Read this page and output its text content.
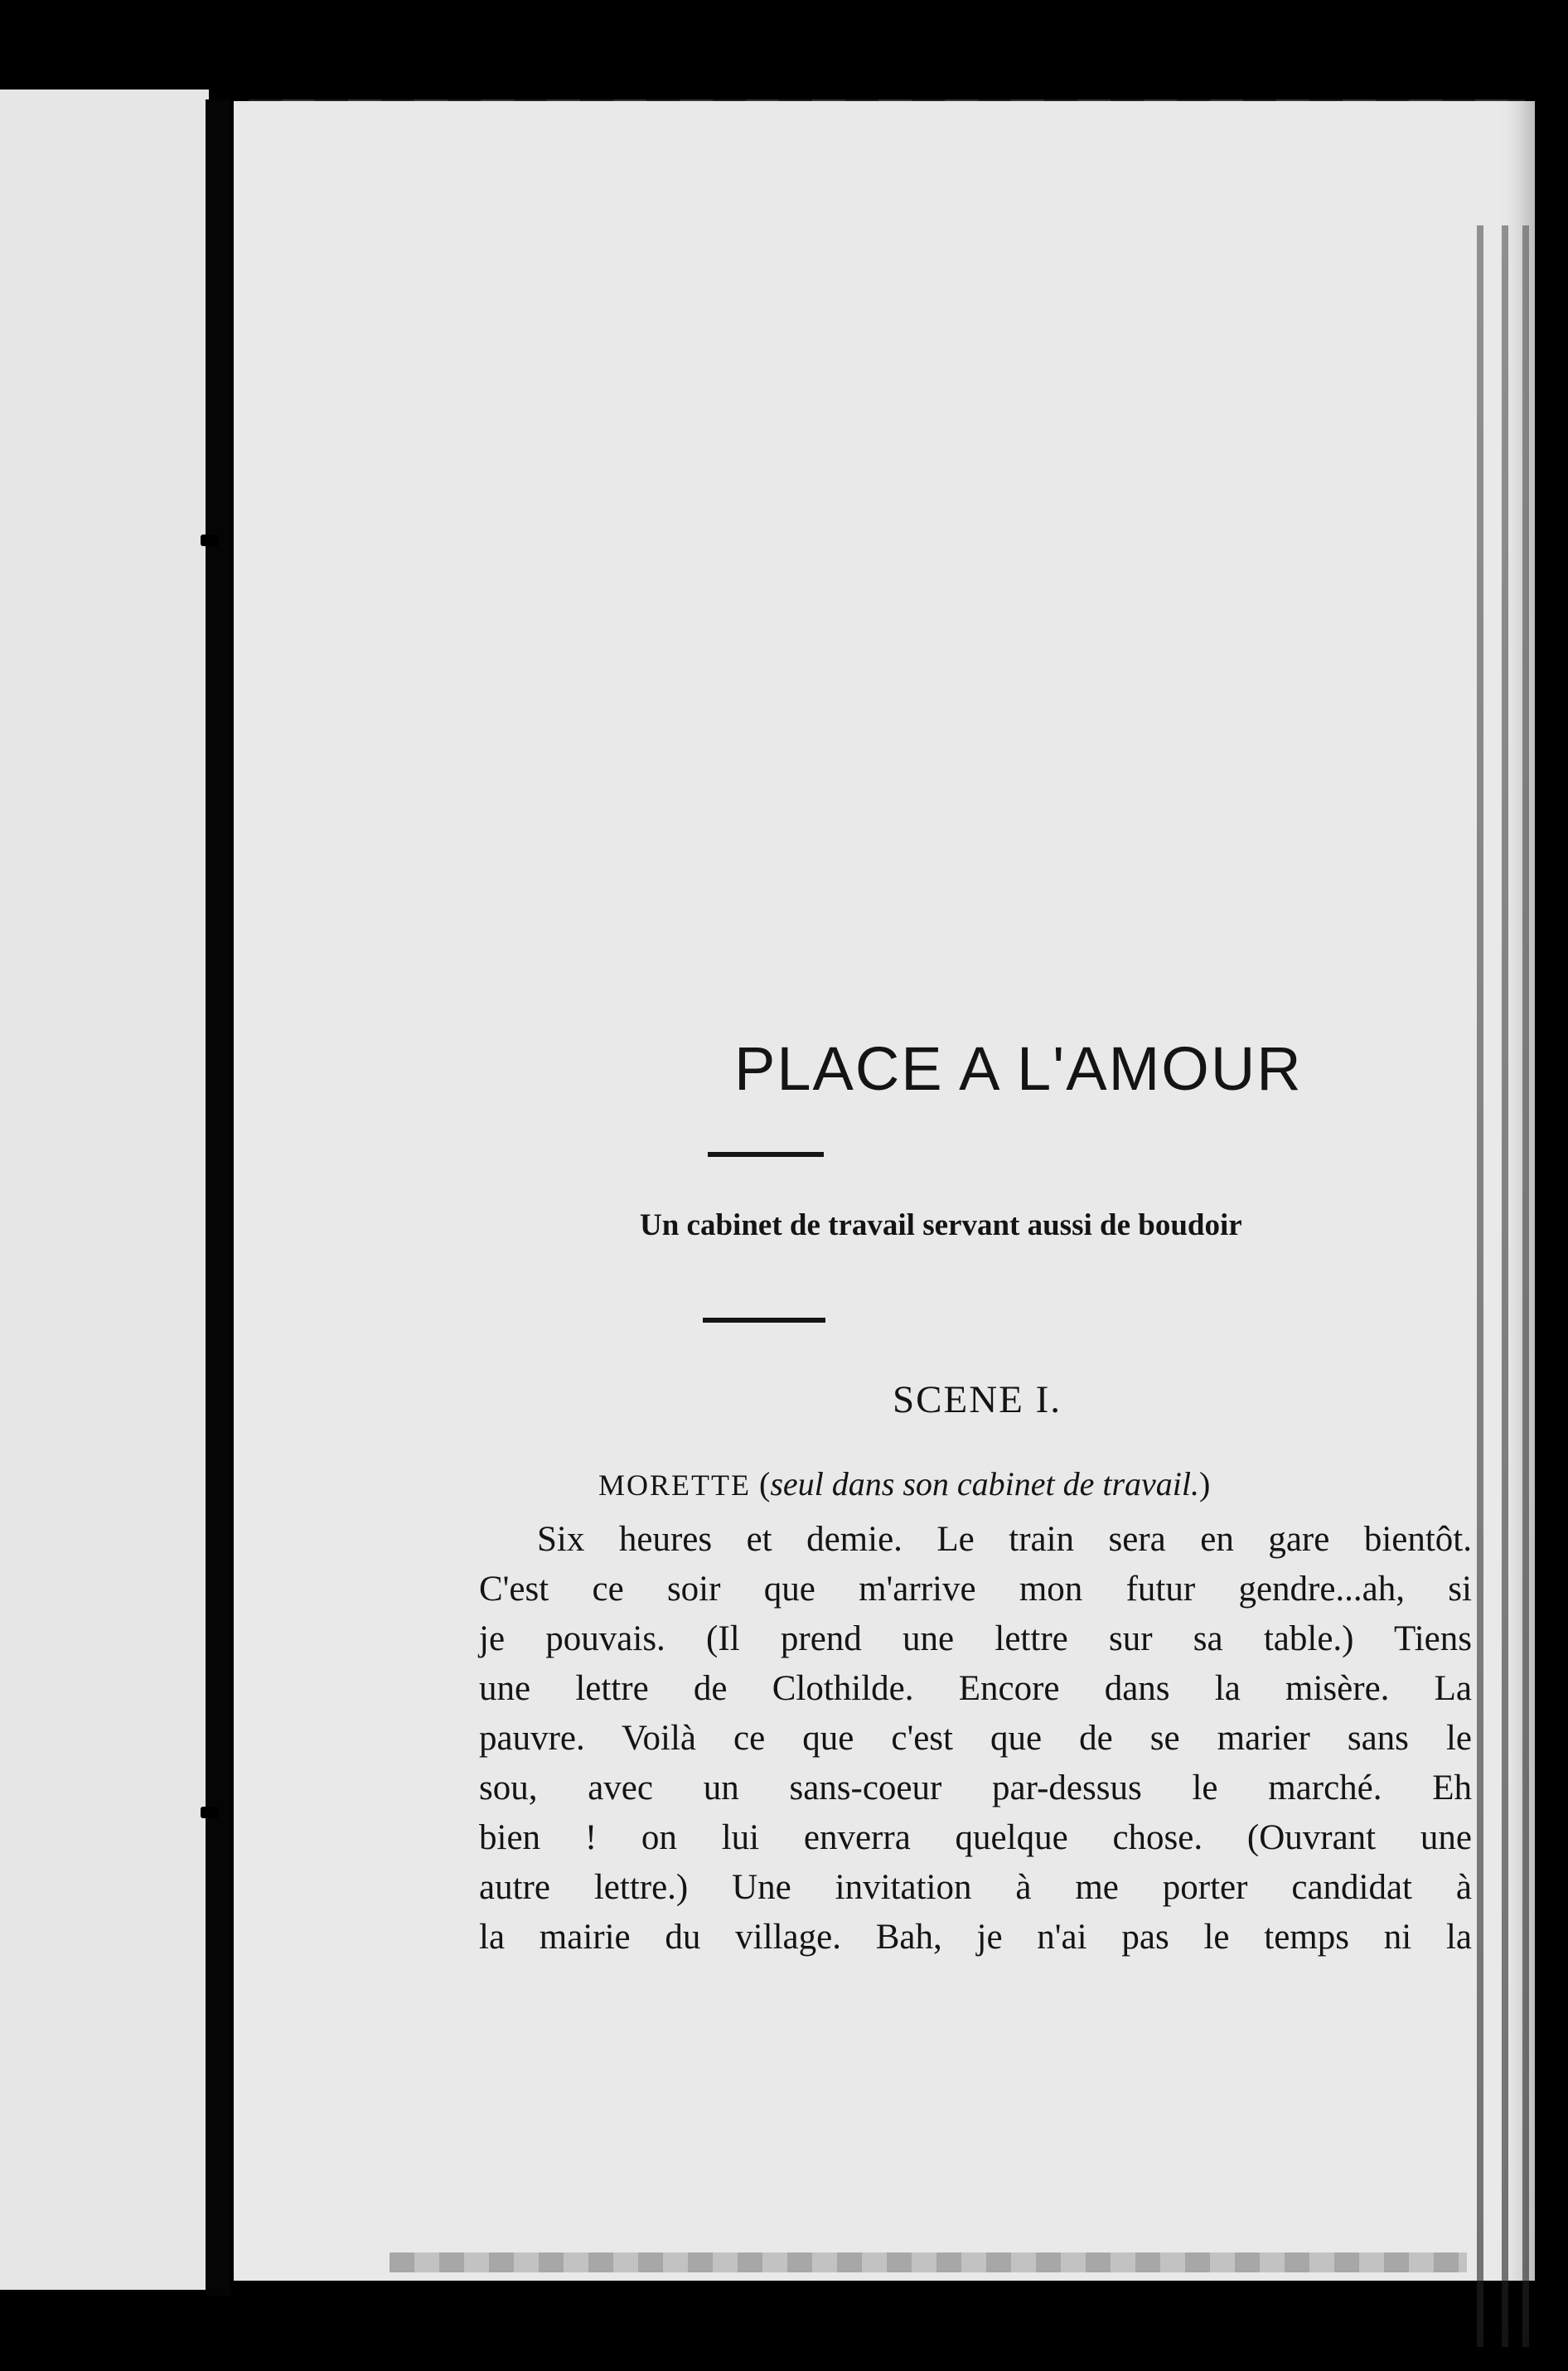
PLACE A L'AMOUR
Un cabinet de travail servant aussi de boudoir
SCENE I.
MORETTE (seul dans son cabinet de travail.)
Six heures et demie. Le train sera en gare bientôt.
C'est ce soir que m'arrive mon futur gendre...ah, si
je pouvais. (Il prend une lettre sur sa table.) Tiens
une lettre de Clothilde. Encore dans la misère. La
pauvre. Voilà ce que c'est que de se marier sans le
sou, avec un sans-coeur par-dessus le marché. Eh
bien ! on lui enverra quelque chose. (Ouvrant une
autre lettre.) Une invitation à me porter candidat à
la mairie du village. Bah, je n'ai pas le temps ni la
